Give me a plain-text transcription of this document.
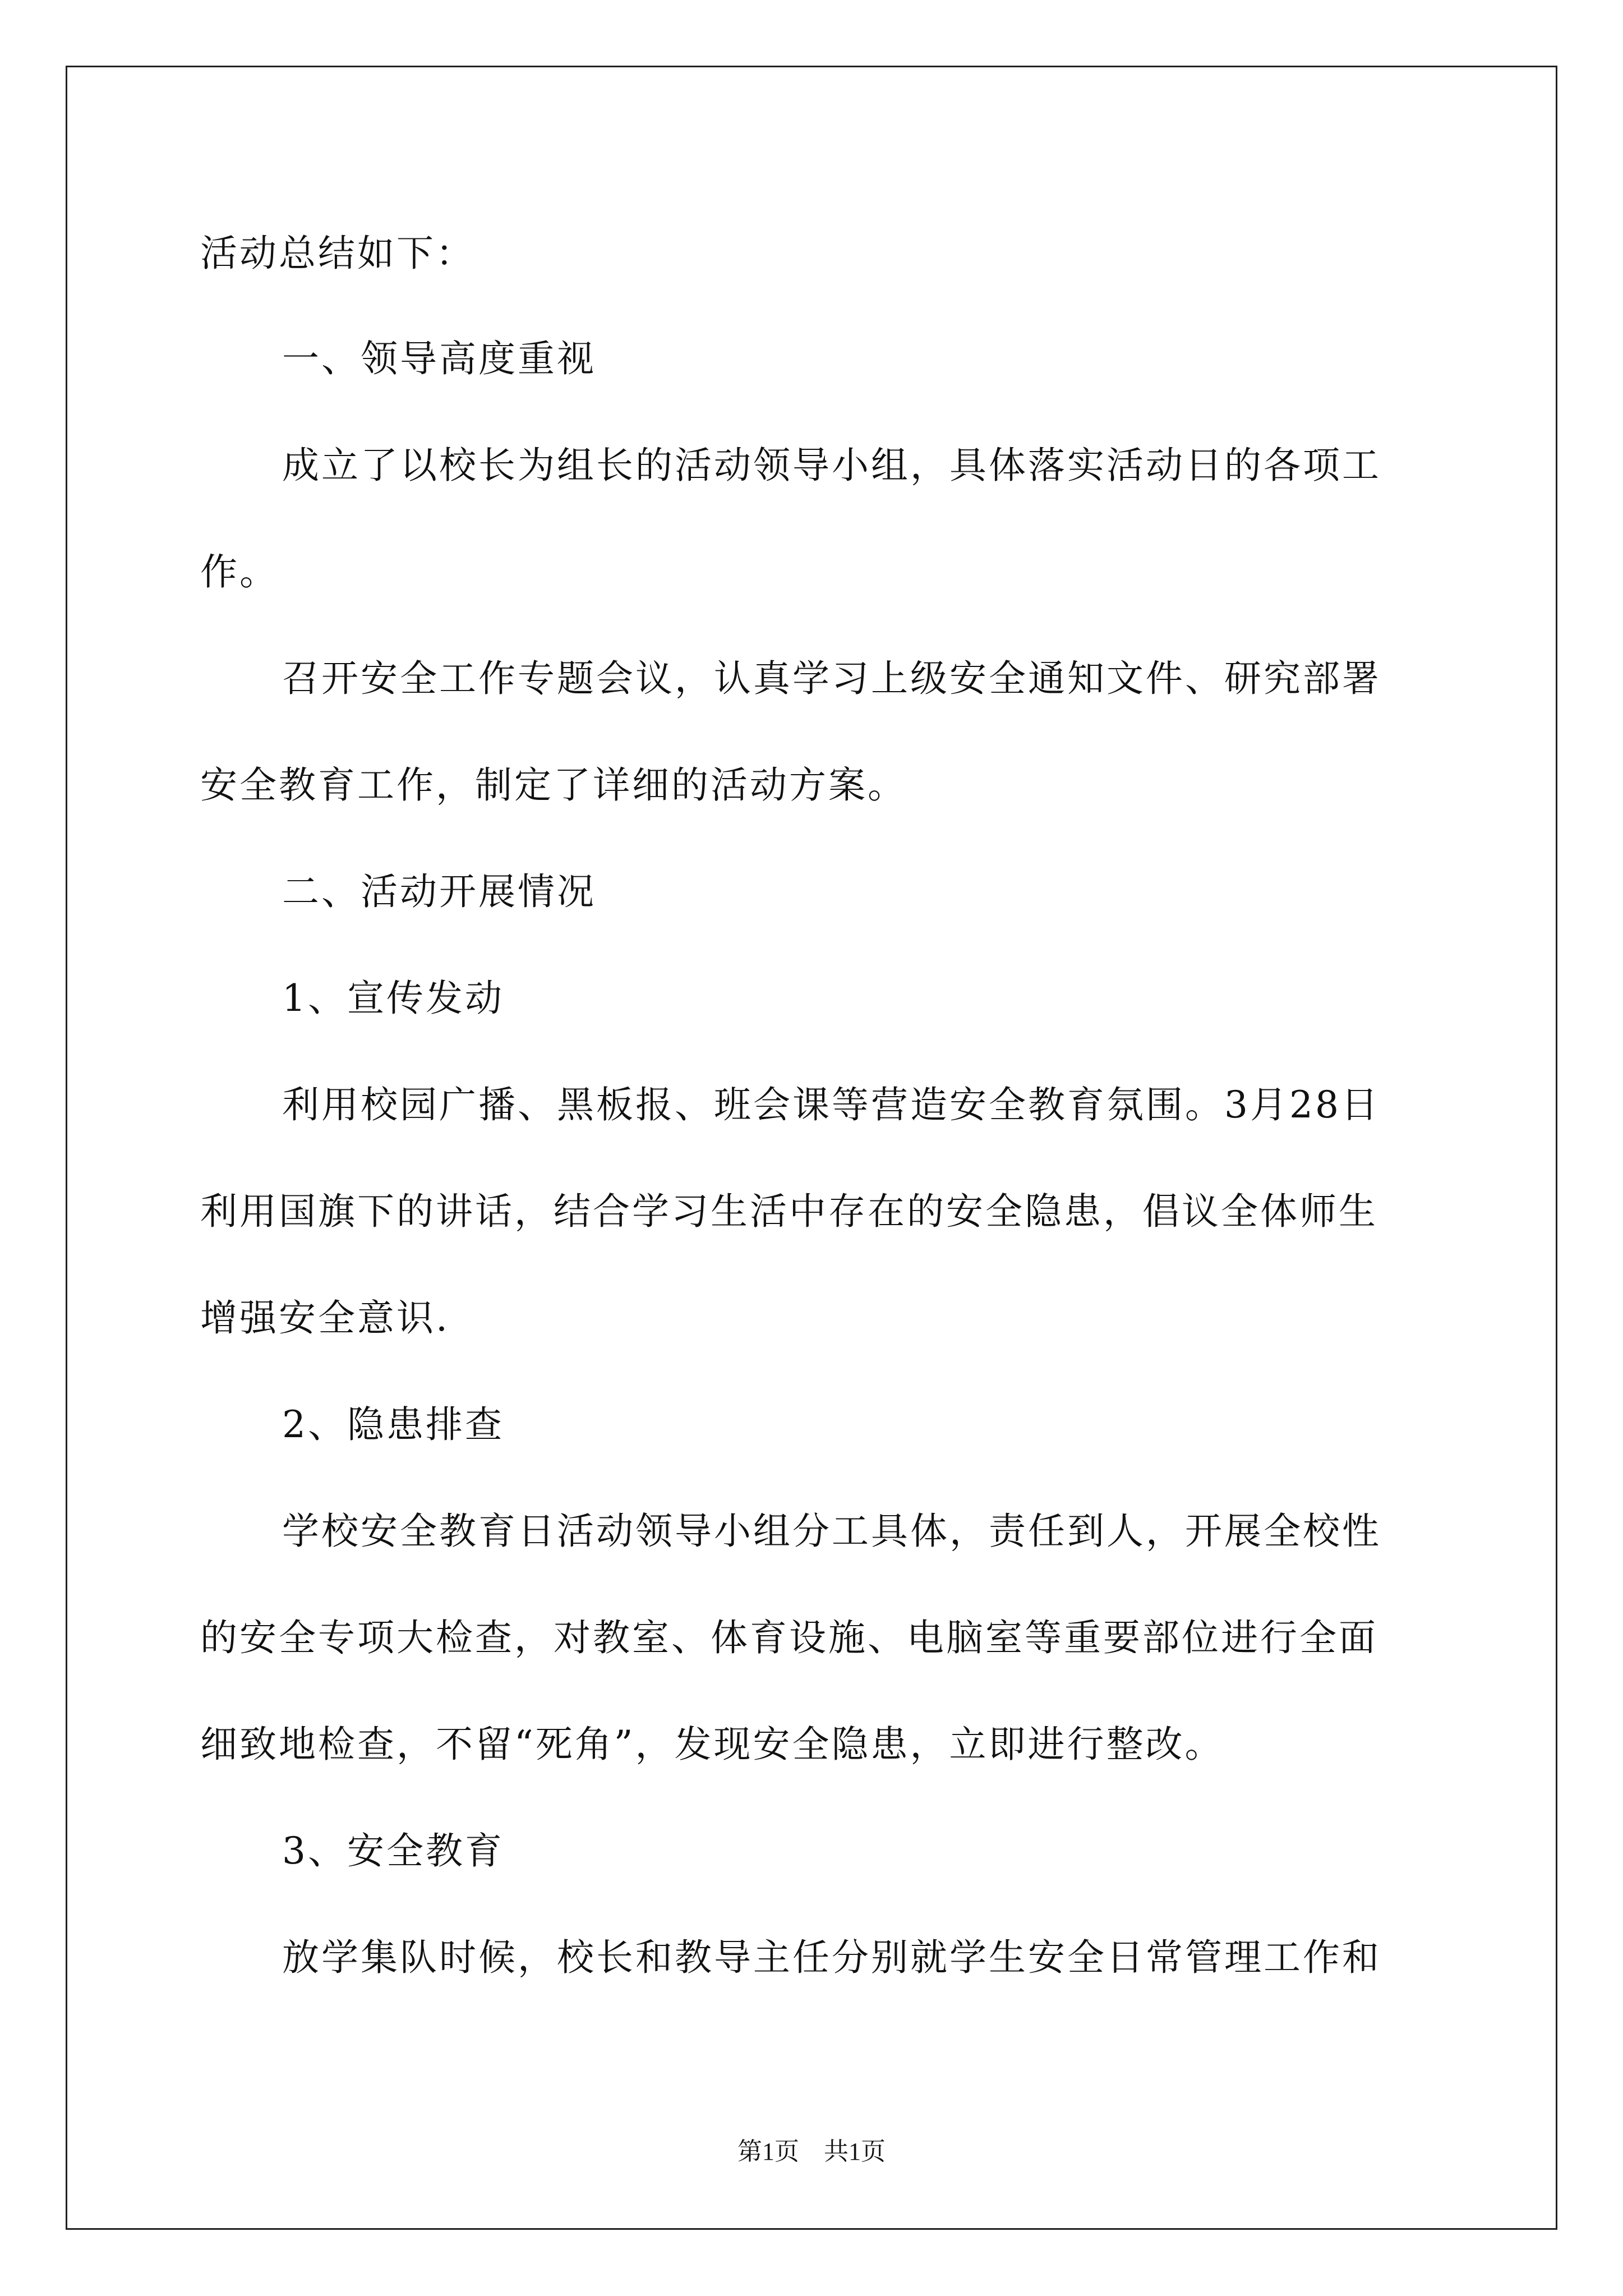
活动总结如下：
一、领导高度重视
成立了以校长为组长的活动领导小组，具体落实活动日的各项工
作。
召开安全工作专题会议，认真学习上级安全通知文件、研究部署
安全教育工作，制定了详细的活动方案。
二、活动开展情况
1、宣传发动
利用校园广播、黑板报、班会课等营造安全教育氛围。3月28日
利用国旗下的讲话，结合学习生活中存在的安全隐患，倡议全体师生
增强安全意识.
2、隐患排查
学校安全教育日活动领导小组分工具体，责任到人，开展全校性
的安全专项大检查，对教室、体育设施、电脑室等重要部位进行全面
细致地检查，不留“死角”，发现安全隐患，立即进行整改。
3、安全教育
放学集队时候，校长和教导主任分别就学生安全日常管理工作和
第1页　共1页
